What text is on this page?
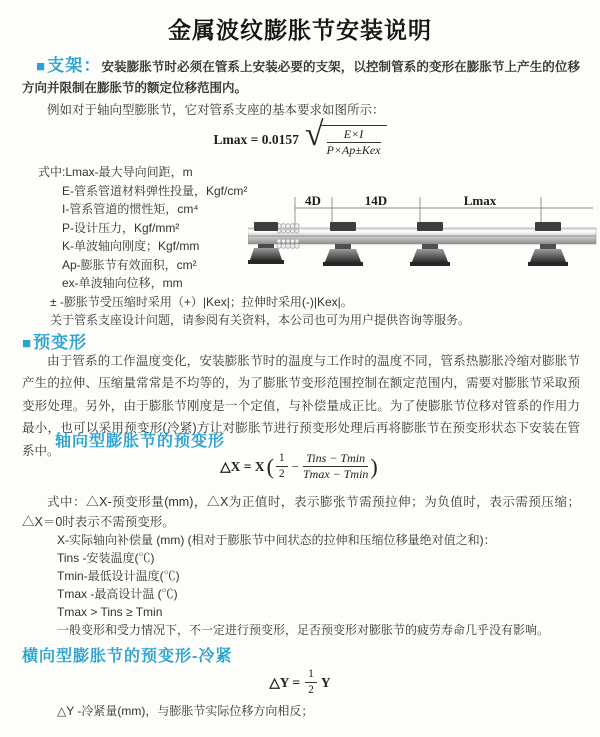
金属波纹膨胀节安装说明

■ 支架：安装膨胀节时必须在管系上安装必要的支架，以控制管系的变形在膨胀节上产生的位移方向并限制在膨胀节的额定位移范围内。

例如对于轴向型膨胀节，它对管系支座的基本要求如图所示：

Lmax = 0.0157 √ $\frac{E\times I}{\text{P×Ap±Kex}}$
式中:Lmax-最大导向间距，m
E-管系管道材料弹性投量，Kgf/cm²
I-管系管道的惯性矩，cm⁴
P-设计压力，Kgf/mm²
K-单波轴向刚度；Kgf/mm
Ap-膨胀节有效面积，cm²
ex-单波轴向位移，mm
± -膨胀节受压缩时采用（+）|Kex|；拉伸时采用(-)|Kex|。
关于管系支座设计问题，请参阅有关资料，本公司也可为用户提供咨询等服务。
4D	14D	Lmax

■ 预变形

由于管系的工作温度变化，安装膨胀节时的温度与工作时的温度不同，管系热膨胀冷缩对膨胀节产生的拉伸、压缩量常常是不均等的，为了膨胀节变形范围控制在额定范围内，需要对膨胀节采取预变形处理。另外，由于膨胀节刚度是一个定值，与补偿量成正比。为了使膨胀节位移对管系的作用力最小，也可以采用预变形(冷紧)方让对膨胀节进行预变形处理后再将膨胀节在预变形状态下安装在管系中。

轴向型膨胀节的预变形
△X = X ( $\frac{1}{2} - \frac{\text{Tins − Tmin}}{Tmax - Tmin}$ )

式中：△X-预变形量(mm)，△X为正值时，表示膨张节需预拉伸；为负值时，表示需预压缩；△X＝0时表示不需预变形。

X-实际轴向补偿量 (mm) (相对于膨胀节中间状态的拉伸和压缩位移量绝对值之和)：
Tins -安装温度(℃)
Tmin-最低设计温度(℃)
Tmax -最高设计温 (℃)
Tmax > Tins ≥ Tmin
一般变形和受力情况下，不一定进行预变形，足否预变形对膨胀节的疲劳寿命几乎没有影响。
横向型膨胀节的预变形-冷紧
△Y = $\frac{1}{2}$ Y

△Y -冷紧量(mm)，与膨胀节实际位移方向相反；
